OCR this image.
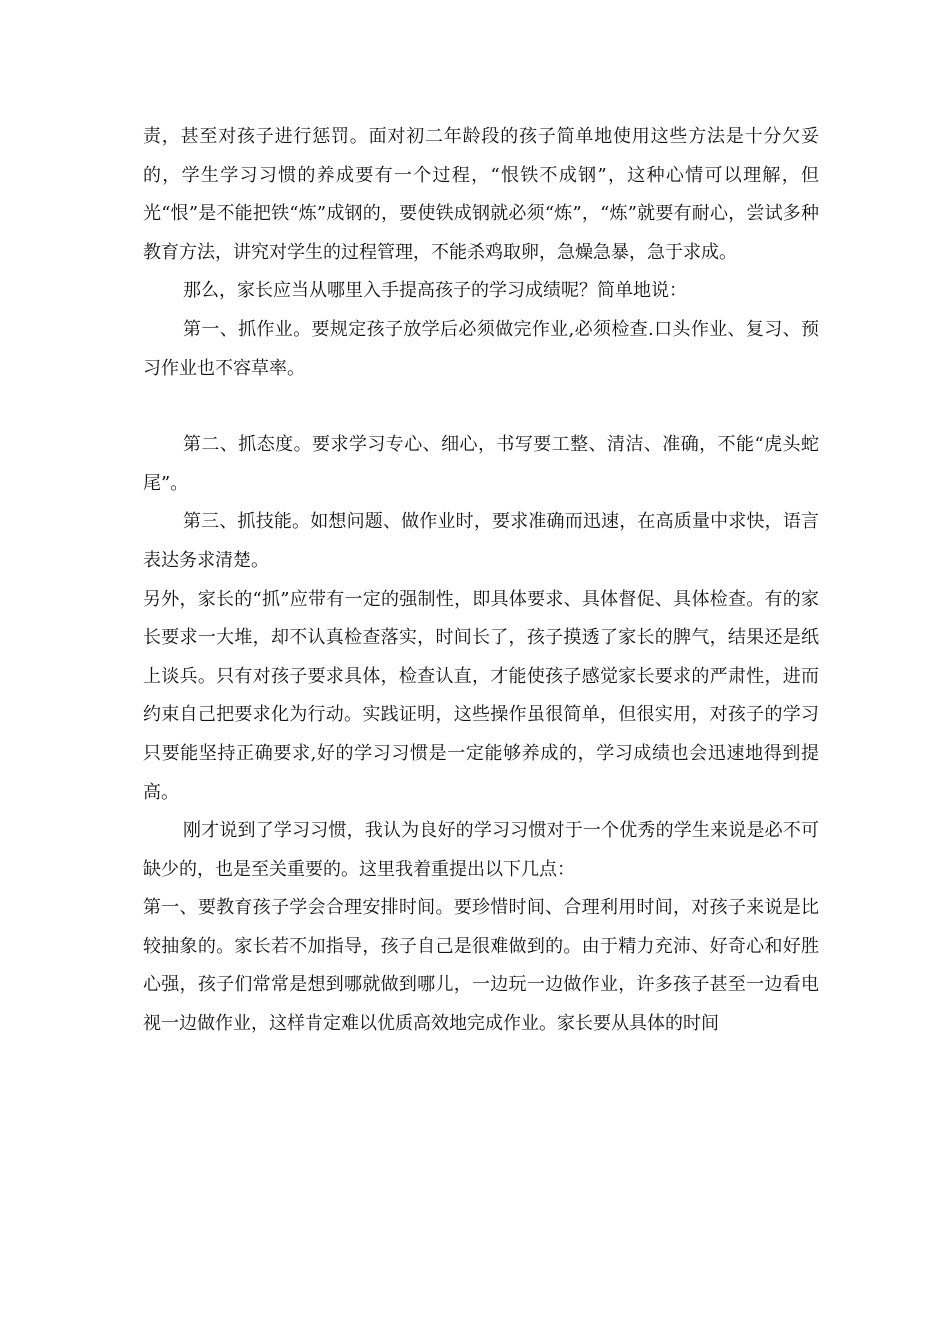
责，甚至对孩子进行惩罚。面对初二年龄段的孩子简单地使用这些方法是十分欠妥的，学生学习习惯的养成要有一个过程，“恨铁不成钢”，这种心情可以理解，但光“恨”是不能把铁“炼”成钢的，要使铁成钢就必须“炼”，“炼”就要有耐心，尝试多种教育方法，讲究对学生的过程管理，不能杀鸡取卵，急燥急暴，急于求成。

那么，家长应当从哪里入手提高孩子的学习成绩呢？简单地说：

第一、抓作业。要规定孩子放学后必须做完作业,必须检查.口头作业、复习、预习作业也不容草率。

第二、抓态度。要求学习专心、细心，书写要工整、清洁、准确，不能“虎头蛇尾”。

第三、抓技能。如想问题、做作业时，要求准确而迅速，在高质量中求快，语言表达务求清楚。

另外，家长的“抓”应带有一定的强制性，即具体要求、具体督促、具体检查。有的家长要求一大堆，却不认真检查落实，时间长了，孩子摸透了家长的脾气，结果还是纸上谈兵。只有对孩子要求具体，检查认直，才能使孩子感觉家长要求的严肃性，进而约束自己把要求化为行动。实践证明，这些操作虽很简单，但很实用，对孩子的学习只要能坚持正确要求,好的学习习惯是一定能够养成的，学习成绩也会迅速地得到提高。

刚才说到了学习习惯，我认为良好的学习习惯对于一个优秀的学生来说是必不可缺少的，也是至关重要的。这里我着重提出以下几点：

第一、要教育孩子学会合理安排时间。要珍惜时间、合理利用时间，对孩子来说是比较抽象的。家长若不加指导，孩子自己是很难做到的。由于精力充沛、好奇心和好胜心强，孩子们常常是想到哪就做到哪儿，一边玩一边做作业，许多孩子甚至一边看电视一边做作业，这样肯定难以优质高效地完成作业。家长要从具体的时间
